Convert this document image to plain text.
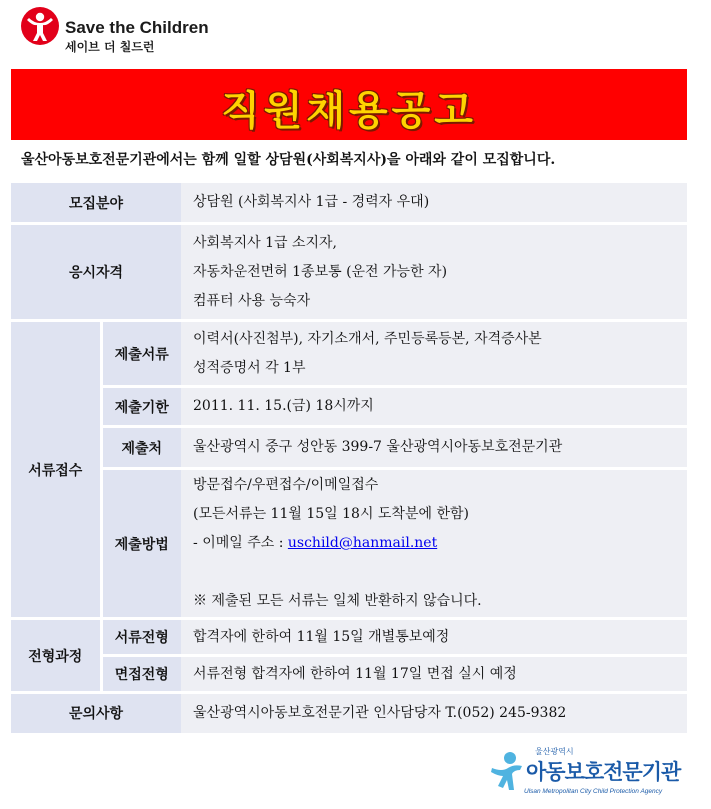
Save the Children
세이브 더 칠드런
직원채용공고
울산아동보호전문기관에서는 함께 일할 상담원(사회복지사)을 아래와 같이 모집합니다.
모집분야		상담원 (사회복지사 1급 - 경력자 우대)
응시자격		사회복지사 1급 소지자,
자동차운전면허 1종보통 (운전 가능한 자)
컴퓨터 사용 능숙자

서류접수	제출서류	이력서(사진첨부), 자기소개서, 주민등록등본, 자격증사본
성적증명서 각 1부

	제출기한	2011. 11. 15.(금) 18시까지
	제출처	울산광역시 중구 성안동 399-7 울산광역시아동보호전문기관
	제출방법	방문접수/우편접수/이메일접수
(모든서류는 11월 15일 18시 도착분에 한함)
- 이메일 주소 : uschild@hanmail.net

※ 제출된 모든 서류는 일체 반환하지 않습니다.

전형과정	서류전형	합격자에 한하여 11월 15일 개별통보예정
	면접전형	서류전형 합격자에 한하여 11월 17일 면접 실시 예정
문의사항		울산광역시아동보호전문기관 인사담당자 T.(052) 245-9382
울산광역시
아동보호전문기관
Ulsan Metropolitan City Child Protection Agency
